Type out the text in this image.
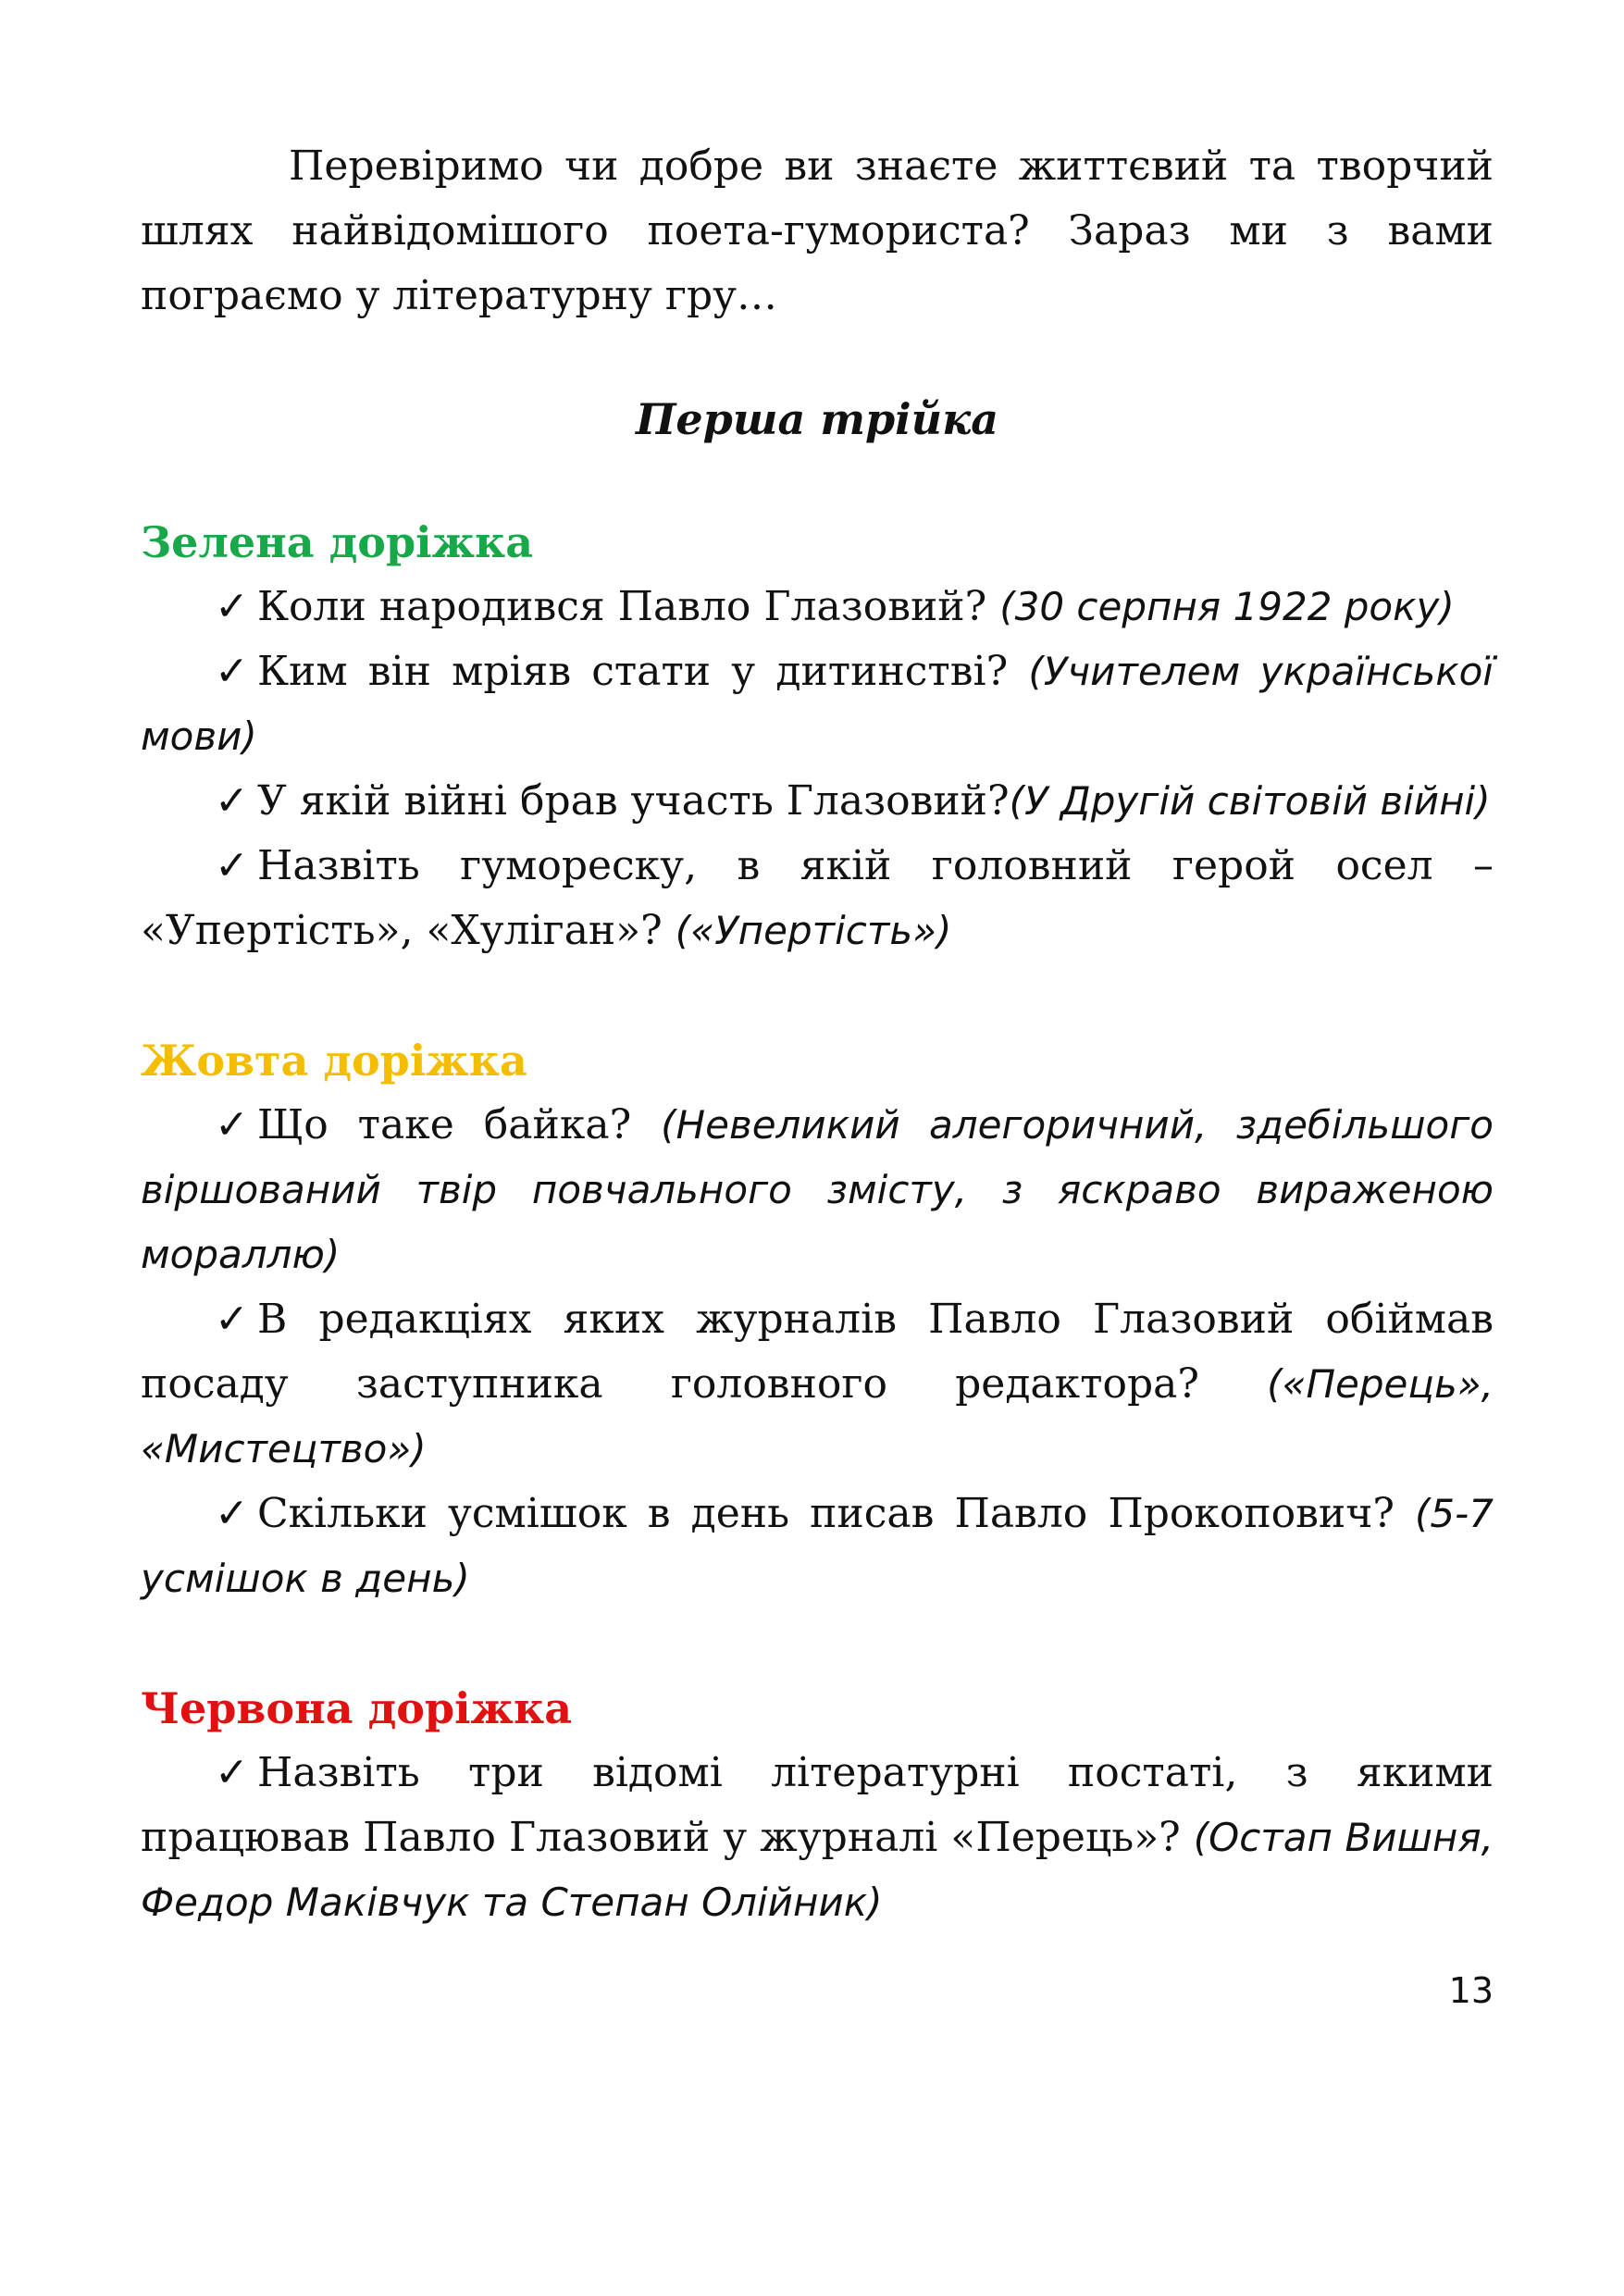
Перевіримо чи добре ви знаєте життєвий та творчий шлях найвідомішого поета-гумориста? Зараз ми з вами пограємо у літературну гру…

Перша трійка

Зелена доріжка

✓ Коли народився Павло Глазовий? (30 серпня 1922 року)

✓ Ким він мріяв стати у дитинстві? (Учителем української мови)

✓ У якій війні брав участь Глазовий?(У Другій світовій війні)

✓ Назвіть гумореску, в якій головний герой осел – «Упертість», «Хуліган»? («Упертість»)

Жовта доріжка

✓ Що таке байка? (Невеликий алегоричний, здебільшого віршований твір повчального змісту, з яскраво вираженою мораллю)

✓ В редакціях яких журналів Павло Глазовий обіймав посаду заступника головного редактора? («Перець», «Мистецтво»)

✓ Скільки усмішок в день писав Павло Прокопович? (5-7 усмішок в день)

Червона доріжка

✓ Назвіть три відомі літературні постаті, з якими працював Павло Глазовий у журналі «Перець»? (Остап Вишня, Федор Маківчук та Степан Олійник)

13
